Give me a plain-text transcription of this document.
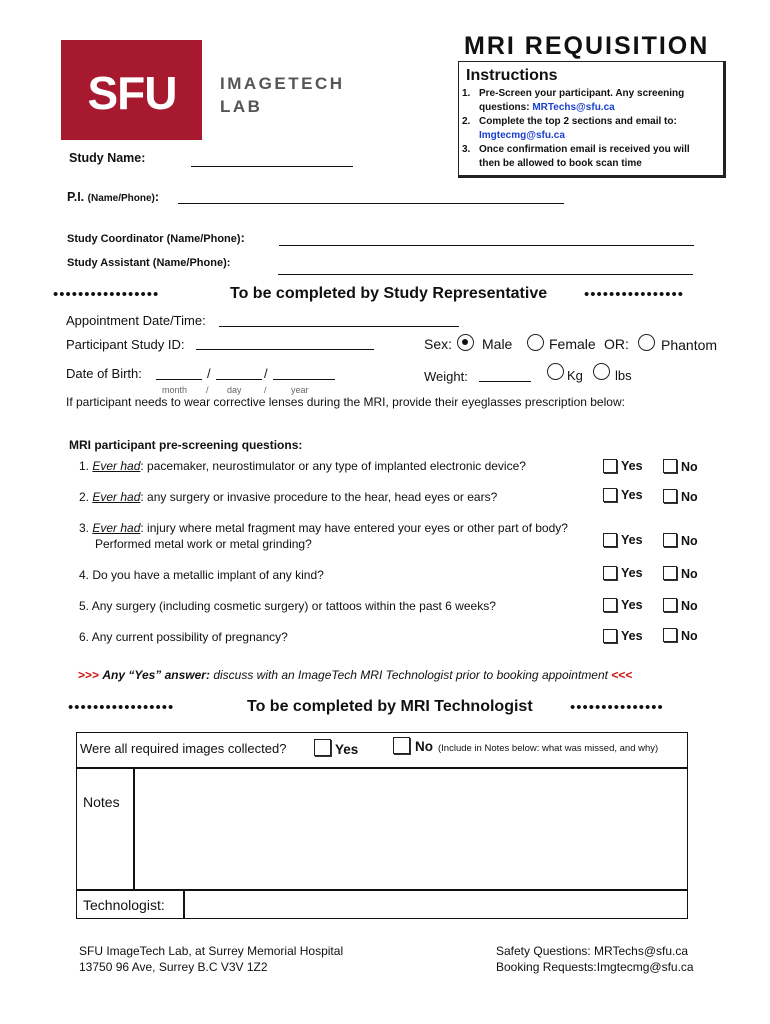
SFU	IMAGETECH
LAB
MRI REQUISITION
Instructions
1. Pre-Screen your participant. Any screening
questions: MRTechs@sfu.ca
2. Complete the top 2 sections and email to:
Imgtecmg@sfu.ca
3. Once confirmation email is received you will
then be allowed to book scan time
Study Name:
P.I. (Name/Phone):
Study Coordinator (Name/Phone):
Study Assistant (Name/Phone):
•••••••••••••••••	To be completed by Study Representative ••••••••••••••••
Appointment Date/Time:
Participant Study ID:	Sex: Male	Female OR: Phantom
Date of Birth:	/	/
month / day /	year
Weight:	Kg lbs
If participant needs to wear corrective lenses during the MRI, provide their eyeglasses prescription below:
MRI participant pre-screening questions:
1. Ever had: pacemaker, neurostimulator or any type of implanted electronic device?	Yes	No
2. Ever had: any surgery or invasive procedure to the hear, head eyes or ears?	Yes	No
3. Ever had: injury where metal fragment may have entered your eyes or other part of body?
Performed metal work or metal grinding?	Yes	No
4. Do you have a metallic implant of any kind?	Yes	No
5. Any surgery (including cosmetic surgery) or tattoos within the past 6 weeks?	Yes	No
6. Any current possibility of pregnancy?	Yes	No
>>> Any “Yes” answer: discuss with an ImageTech MRI Technologist prior to booking appointment <<<
•••••••••••••••••	To be completed by MRI Technologist •••••••••••••••
Were all required images collected?	Yes	No (Include in Notes below: what was missed, and why)
Notes
Technologist:
SFU ImageTech Lab, at Surrey Memorial Hospital
13750 96 Ave, Surrey B.C V3V 1Z2
Safety Questions: MRTechs@sfu.ca
Booking Requests:Imgtecmg@sfu.ca
